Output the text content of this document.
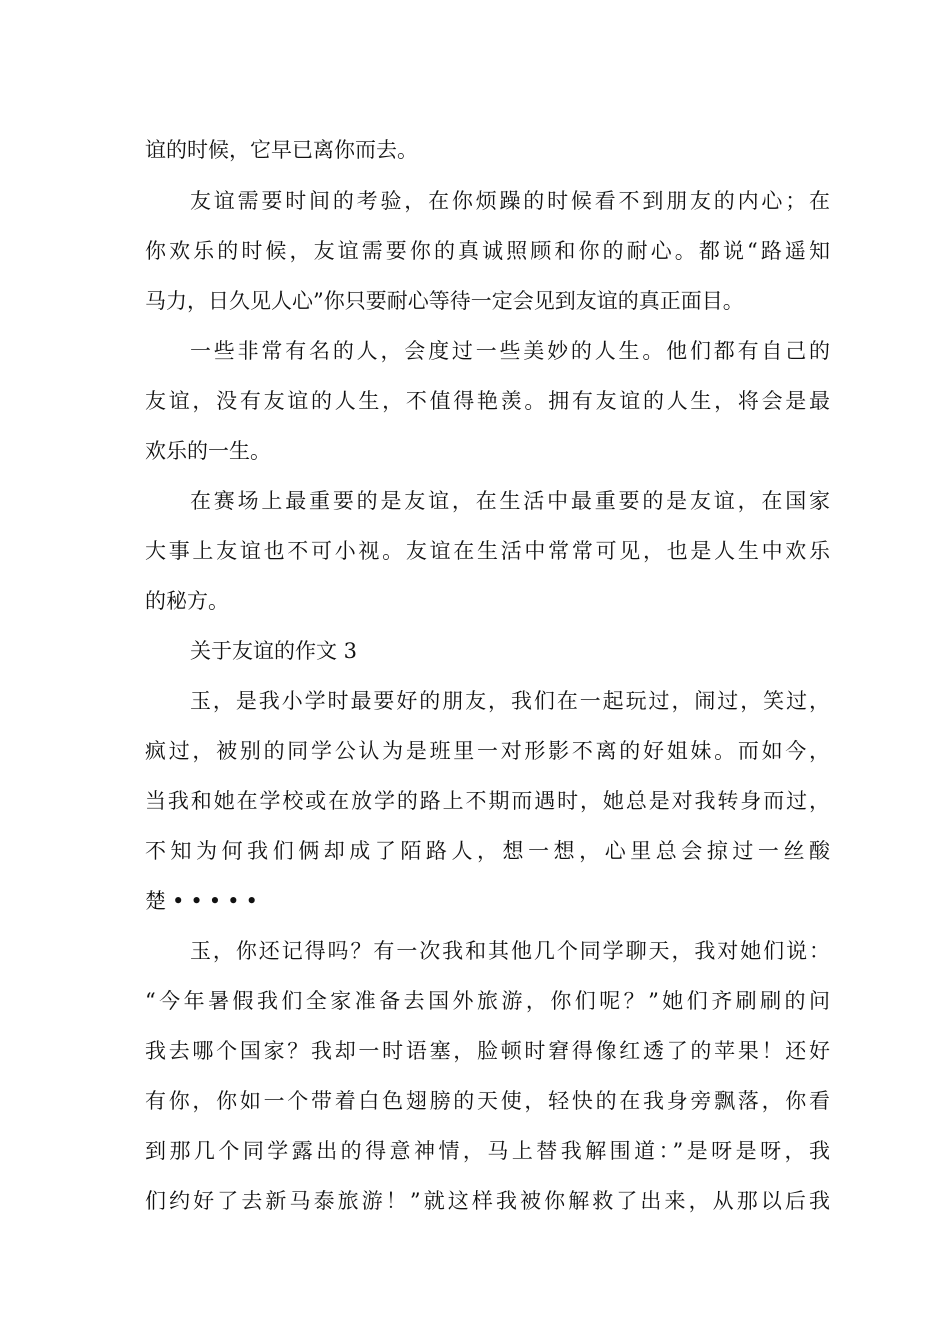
谊的时候，它早已离你而去。

友谊需要时间的考验，在你烦躁的时候看不到朋友的内心；在

你欢乐的时候，友谊需要你的真诚照顾和你的耐心。都说“路遥知

马力，日久见人心”你只要耐心等待一定会见到友谊的真正面目。

一些非常有名的人，会度过一些美妙的人生。他们都有自己的

友谊，没有友谊的人生，不值得艳羡。拥有友谊的人生，将会是最

欢乐的一生。

在赛场上最重要的是友谊，在生活中最重要的是友谊，在国家

大事上友谊也不可小视。友谊在生活中常常可见，也是人生中欢乐

的秘方。

关于友谊的作文 3

玉，是我小学时最要好的朋友，我们在一起玩过，闹过，笑过，

疯过，被别的同学公认为是班里一对形影不离的好姐妹。而如今，

当我和她在学校或在放学的路上不期而遇时，她总是对我转身而过，

不知为何我们俩却成了陌路人，想一想，心里总会掠过一丝酸

楚•••••

玉，你还记得吗？有一次我和其他几个同学聊天，我对她们说：

“今年暑假我们全家准备去国外旅游，你们呢？”她们齐刷刷的问

我去哪个国家？我却一时语塞，脸顿时窘得像红透了的苹果！还好

有你，你如一个带着白色翅膀的天使，轻快的在我身旁飘落，你看

到那几个同学露出的得意神情，马上替我解围道：”是呀是呀，我

们约好了去新马泰旅游！”就这样我被你解救了出来，从那以后我
